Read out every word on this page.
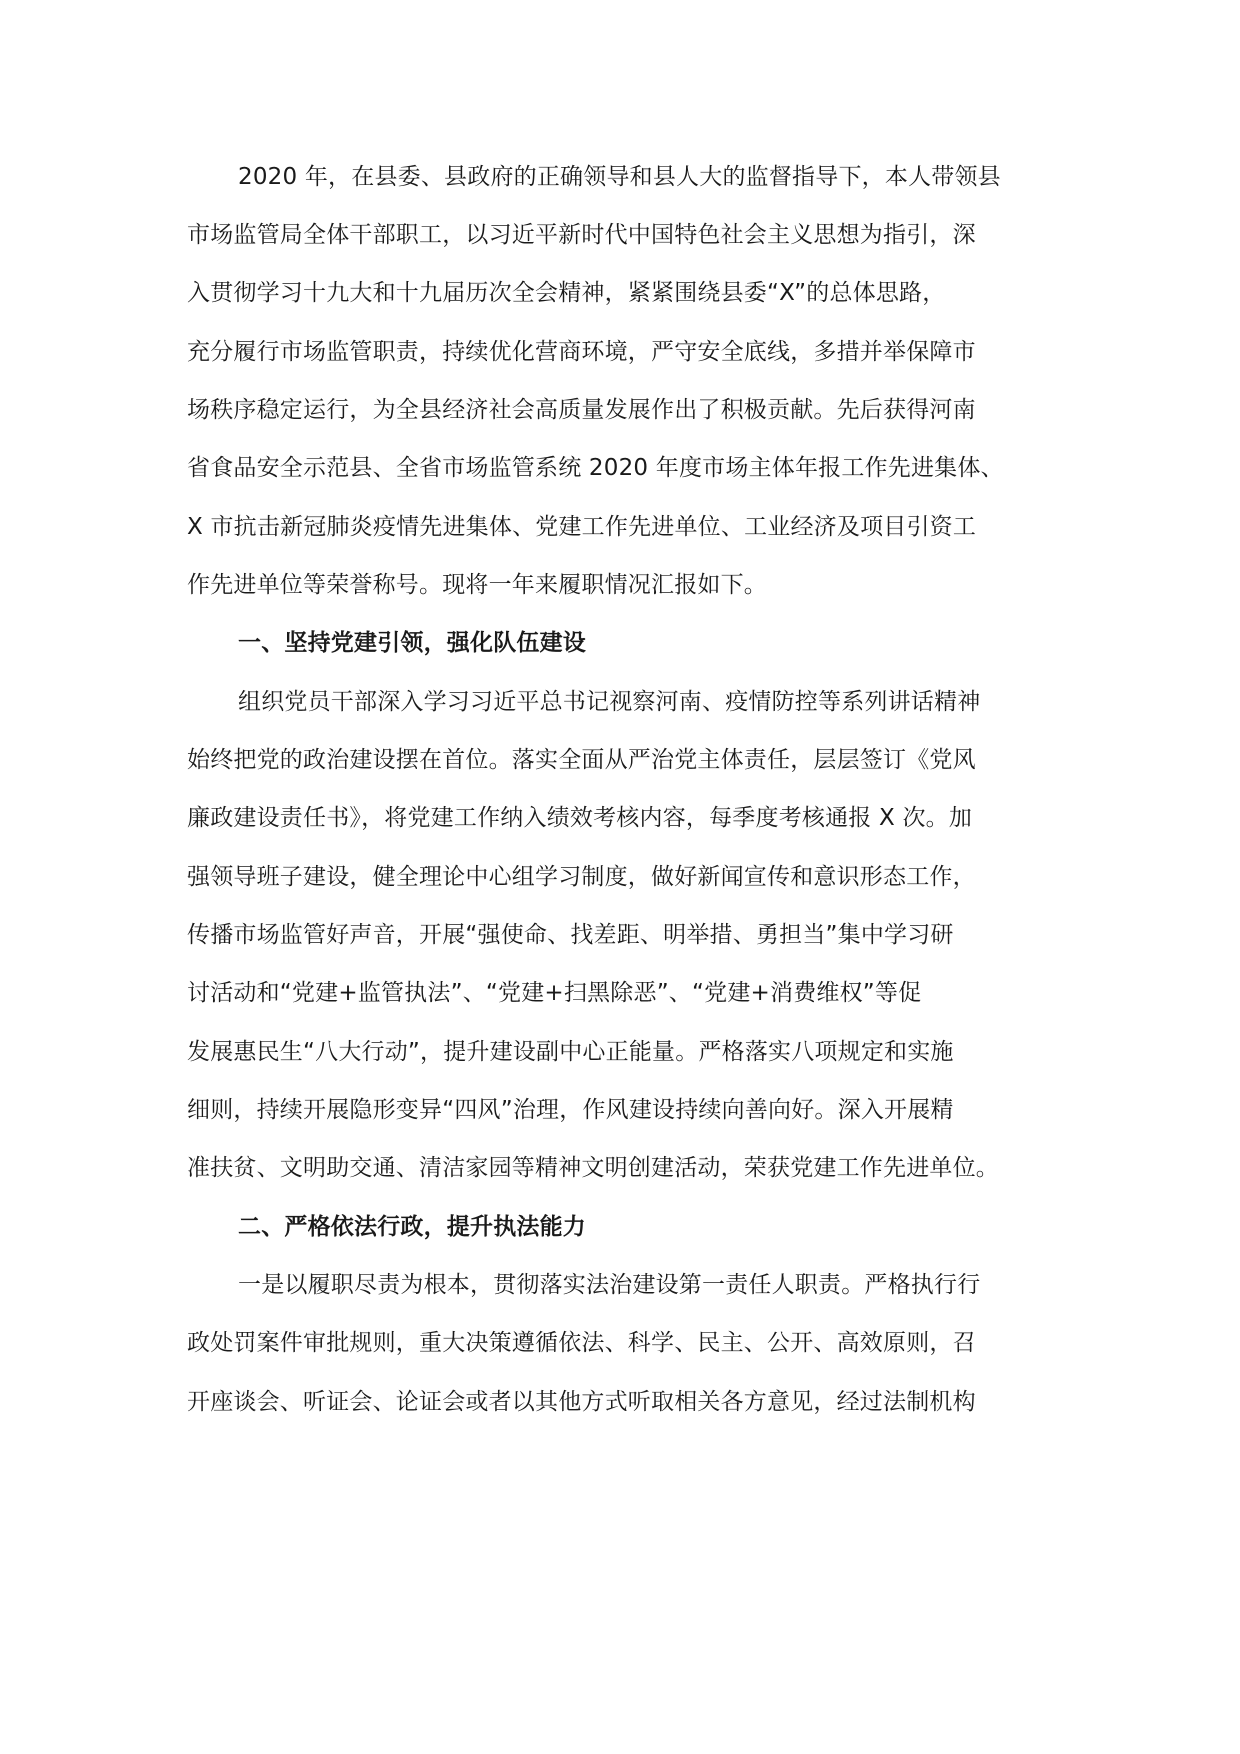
2020 年，在县委、县政府的正确领导和县人大的监督指导下，本人带领县
市场监管局全体干部职工，以习近平新时代中国特色社会主义思想为指引，深
入贯彻学习十九大和十九届历次全会精神，紧紧围绕县委“X”的总体思路，
充分履行市场监管职责，持续优化营商环境，严守安全底线，多措并举保障市
场秩序稳定运行，为全县经济社会高质量发展作出了积极贡献。先后获得河南
省食品安全示范县、全省市场监管系统 2020 年度市场主体年报工作先进集体、
X 市抗击新冠肺炎疫情先进集体、党建工作先进单位、工业经济及项目引资工
作先进单位等荣誉称号。现将一年来履职情况汇报如下。
一、坚持党建引领，强化队伍建设
组织党员干部深入学习习近平总书记视察河南、疫情防控等系列讲话精神
始终把党的政治建设摆在首位。落实全面从严治党主体责任，层层签订《党风
廉政建设责任书》，将党建工作纳入绩效考核内容，每季度考核通报 X 次。加
强领导班子建设，健全理论中心组学习制度，做好新闻宣传和意识形态工作，
传播市场监管好声音，开展“强使命、找差距、明举措、勇担当”集中学习研
讨活动和“党建+监管执法”、“党建+扫黑除恶”、“党建+消费维权”等促
发展惠民生“八大行动”，提升建设副中心正能量。严格落实八项规定和实施
细则，持续开展隐形变异“四风”治理，作风建设持续向善向好。深入开展精
准扶贫、文明助交通、清洁家园等精神文明创建活动，荣获党建工作先进单位。
二、严格依法行政，提升执法能力
一是以履职尽责为根本，贯彻落实法治建设第一责任人职责。严格执行行
政处罚案件审批规则，重大决策遵循依法、科学、民主、公开、高效原则，召
开座谈会、听证会、论证会或者以其他方式听取相关各方意见，经过法制机构
